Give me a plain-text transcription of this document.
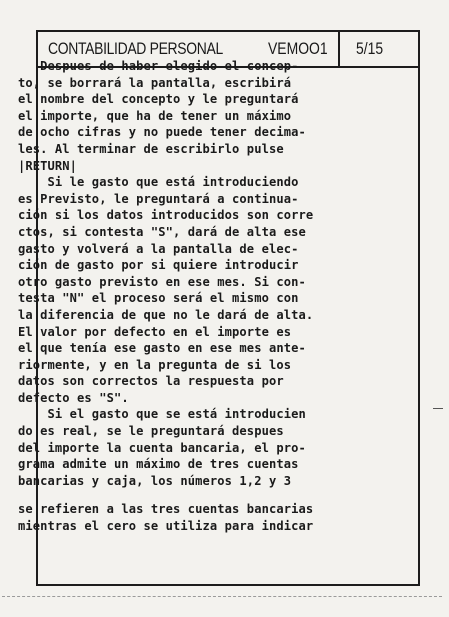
CONTABILIDAD PERSONAL	VEMOO1 5/15
Despues de haber elegido el concep-
to, se borrará la pantalla, escribirá
el nombre del concepto y le preguntará
el importe, que ha de tener un máximo
de ocho cifras y no puede tener decima-
les. Al terminar de escribirlo pulse
|RETURN|
Si le gasto que está introduciendo
es Previsto, le preguntará a continua-
ción si los datos introducidos son corre
ctos, si contesta "S", dará de alta ese
gasto y volverá a la pantalla de elec-
ción de gasto por si quiere introducir
otro gasto previsto en ese mes. Si con-
testa "N" el proceso será el mismo con
la diferencia de que no le dará de alta.
El valor por defecto en el importe es
el que tenía ese gasto en ese mes ante-
riormente, y en la pregunta de si los
datos son correctos la respuesta por
defecto es "S".
Si el gasto que se está introducien
do es real, se le preguntará despues
del importe la cuenta bancaria, el pro-
grama admite un máximo de tres cuentas
bancarias y caja, los números 1,2 y 3
se refieren a las tres cuentas bancarias
mientras el cero se utiliza para indicar
